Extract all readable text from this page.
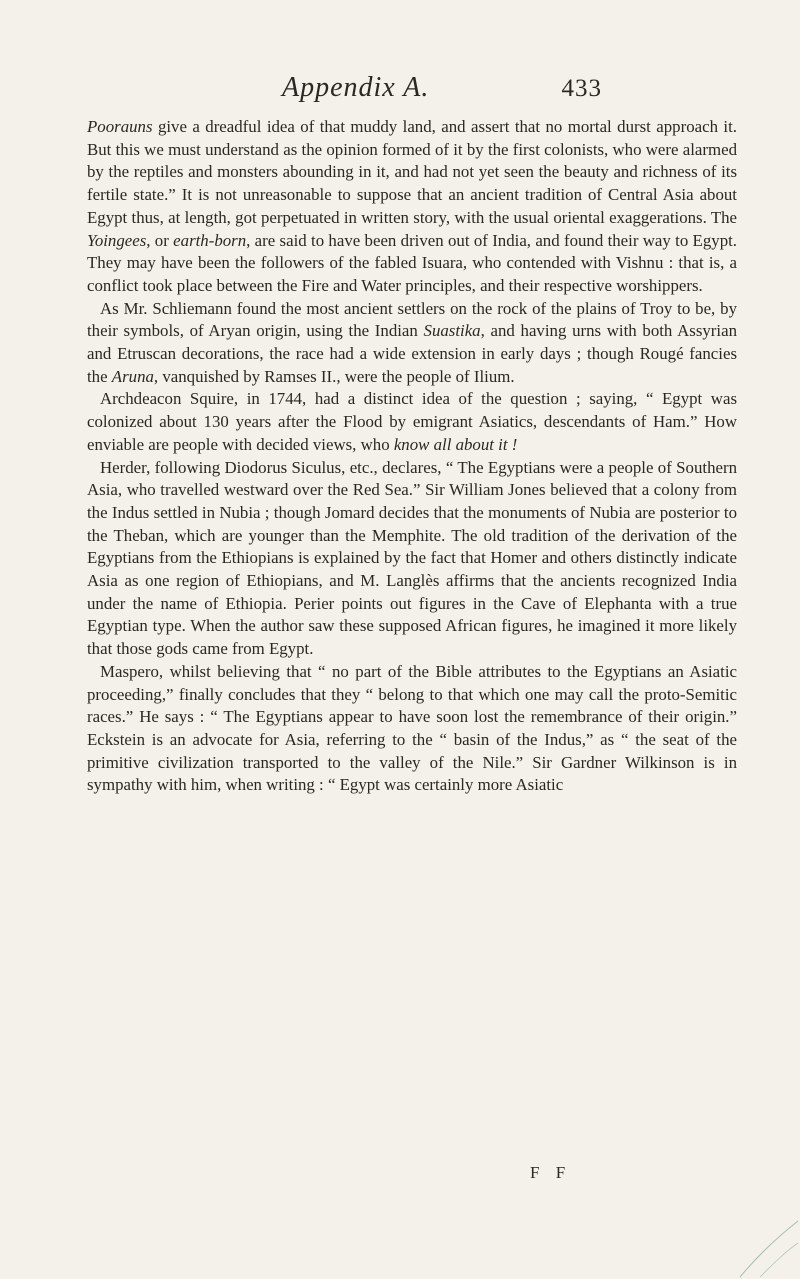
Appendix A.	433

Poorauns give a dreadful idea of that muddy land, and assert that no mortal durst approach it. But this we must understand as the opinion formed of it by the first colonists, who were alarmed by the reptiles and monsters abounding in it, and had not yet seen the beauty and richness of its fertile state.” It is not unreasonable to suppose that an ancient tradition of Central Asia about Egypt thus, at length, got perpetuated in written story, with the usual oriental exaggerations. The Yoingees, or earth-born, are said to have been driven out of India, and found their way to Egypt. They may have been the followers of the fabled Isuara, who contended with Vishnu : that is, a conflict took place between the Fire and Water principles, and their respective worshippers.

As Mr. Schliemann found the most ancient settlers on the rock of the plains of Troy to be, by their symbols, of Aryan origin, using the Indian Suastika, and having urns with both Assyrian and Etruscan decorations, the race had a wide extension in early days ; though Rougé fancies the Aruna, vanquished by Ramses II., were the people of Ilium.

Archdeacon Squire, in 1744, had a distinct idea of the question ; saying, “ Egypt was colonized about 130 years after the Flood by emigrant Asiatics, descendants of Ham.” How enviable are people with decided views, who know all about it !

Herder, following Diodorus Siculus, etc., declares, “ The Egyptians were a people of Southern Asia, who travelled westward over the Red Sea.” Sir William Jones believed that a colony from the Indus settled in Nubia ; though Jomard decides that the monuments of Nubia are posterior to the Theban, which are younger than the Memphite. The old tradition of the derivation of the Egyptians from the Ethiopians is explained by the fact that Homer and others distinctly indicate Asia as one region of Ethiopians, and M. Langlès affirms that the ancients recognized India under the name of Ethiopia. Perier points out figures in the Cave of Elephanta with a true Egyptian type. When the author saw these supposed African figures, he imagined it more likely that those gods came from Egypt.

Maspero, whilst believing that “ no part of the Bible attributes to the Egyptians an Asiatic proceeding,” finally concludes that they “ belong to that which one may call the proto-Semitic races.” He says : “ The Egyptians appear to have soon lost the remembrance of their origin.” Eckstein is an advocate for Asia, referring to the “ basin of the Indus,” as “ the seat of the primitive civilization transported to the valley of the Nile.” Sir Gardner Wilkinson is in sympathy with him, when writing : “ Egypt was certainly more Asiatic

F F
